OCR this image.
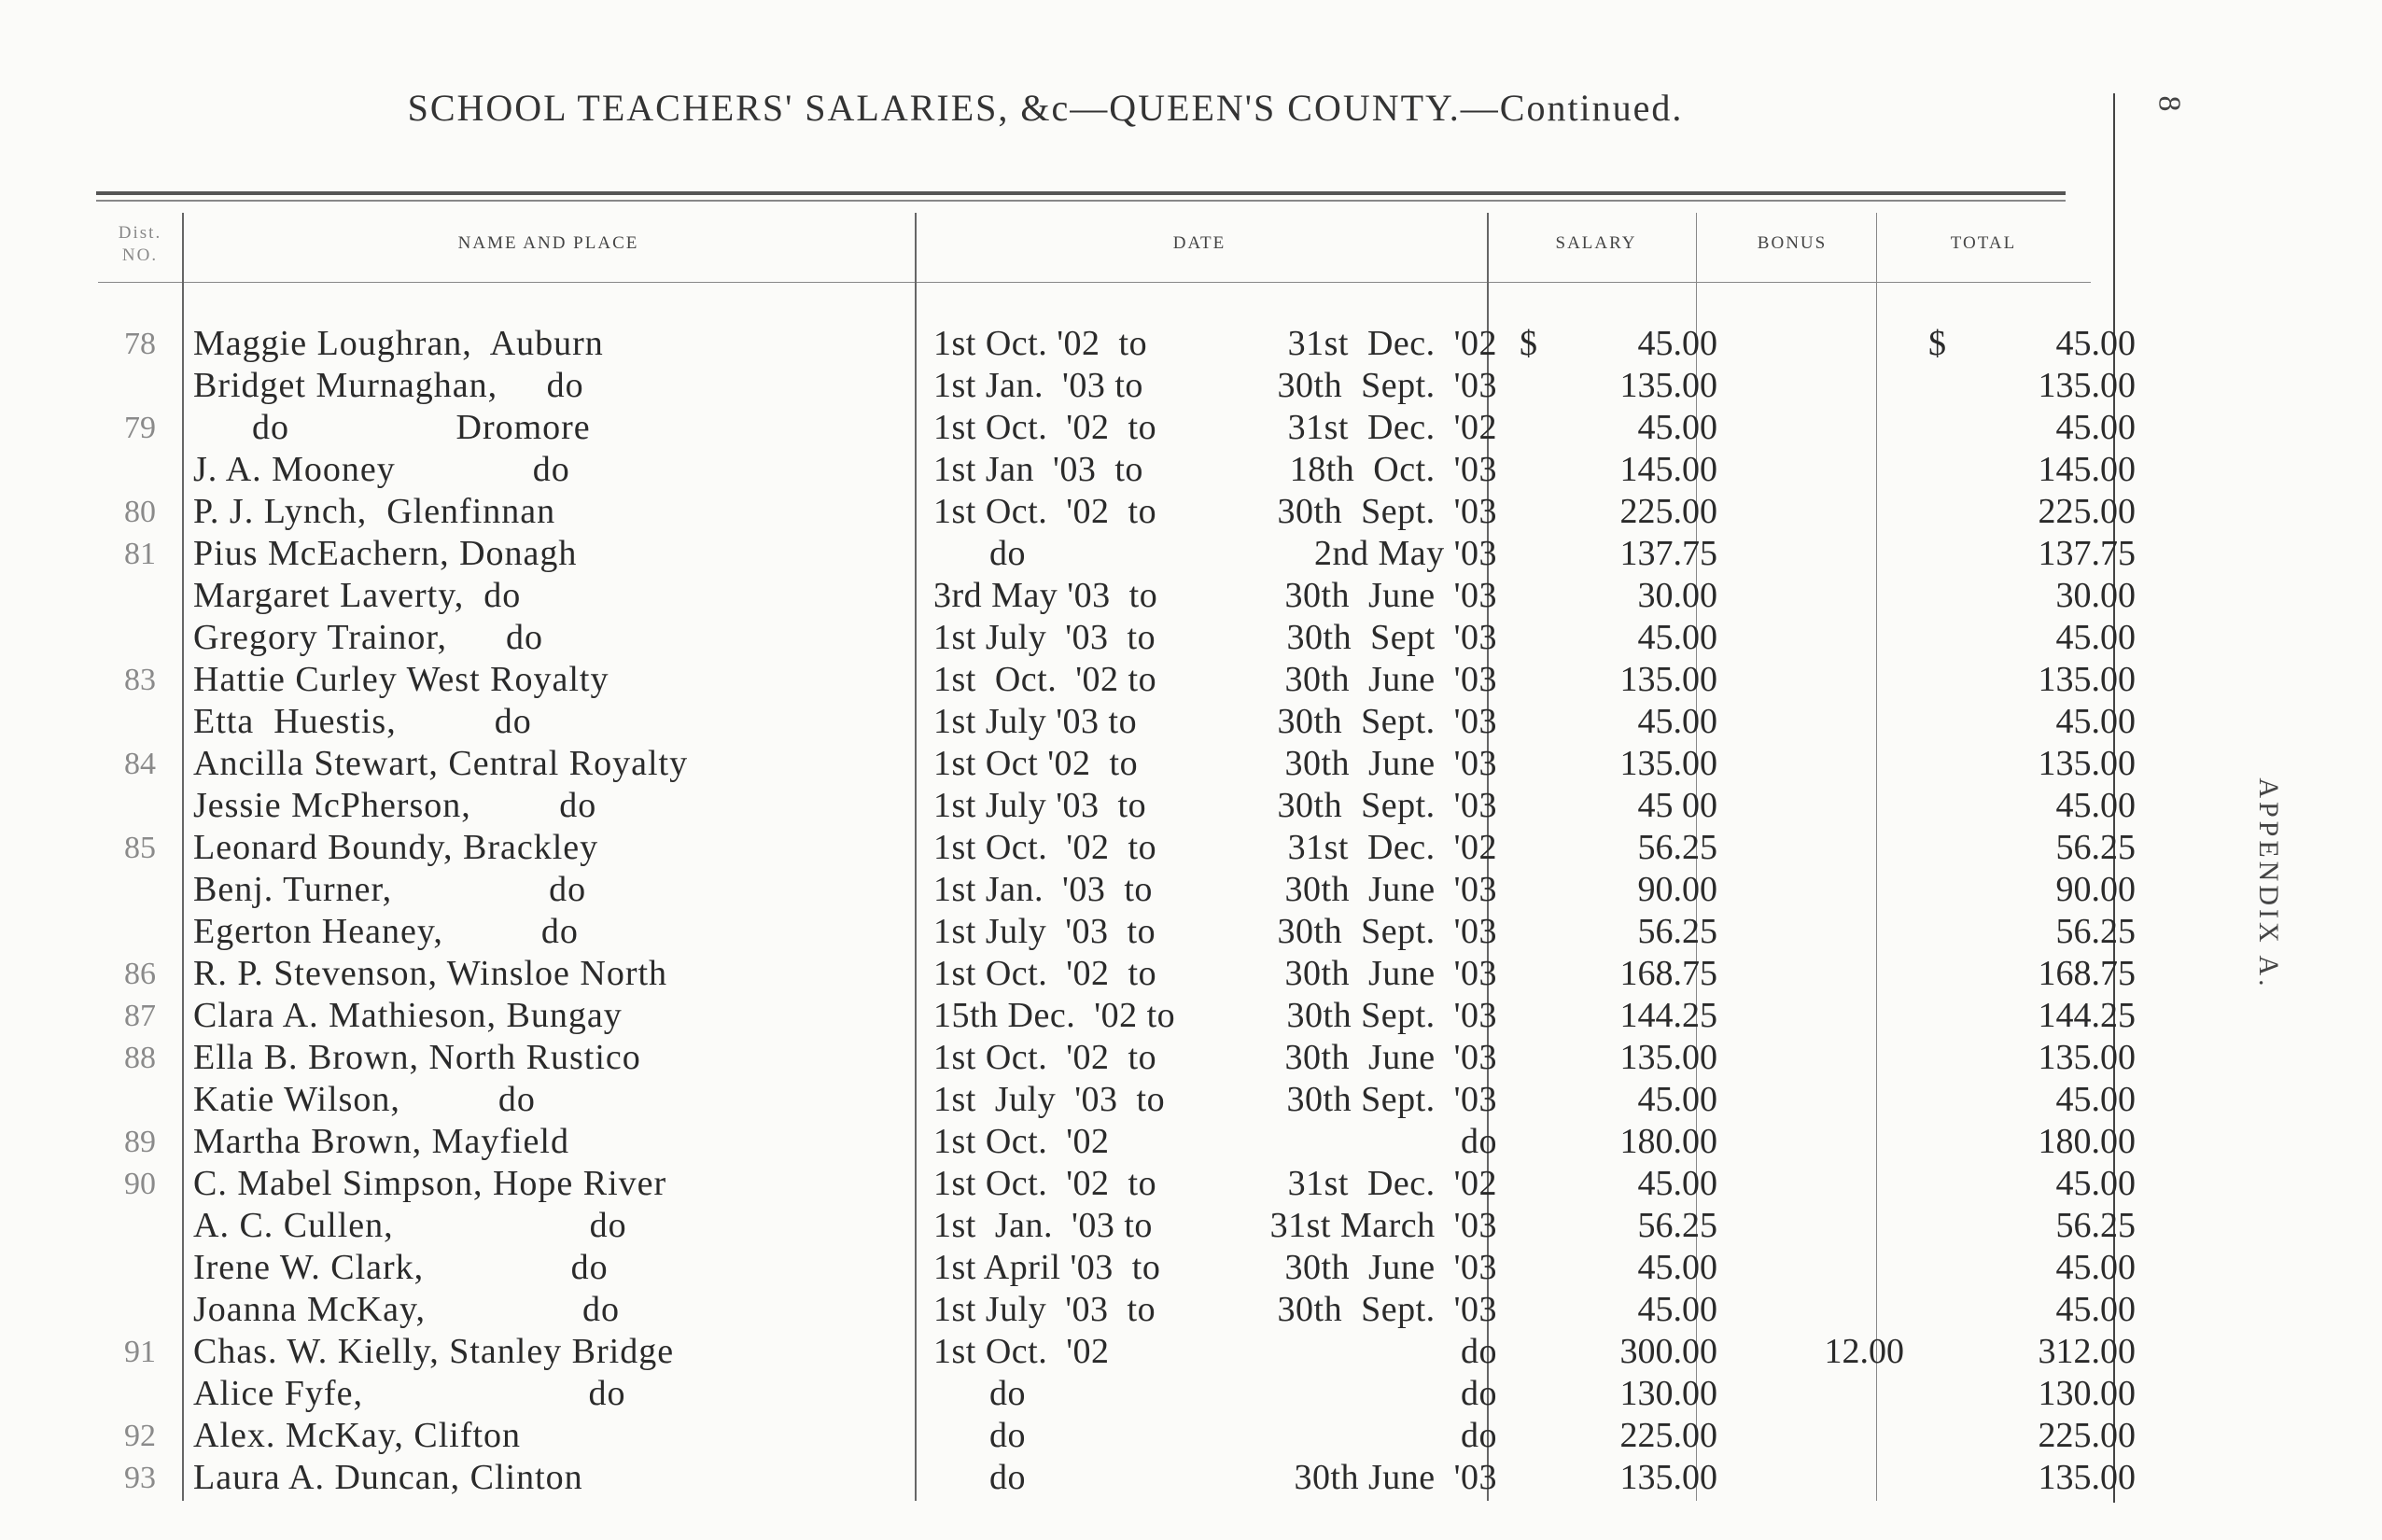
SCHOOL TEACHERS' SALARIES, &c—QUEEN'S COUNTY.—Continued.	8
APPENDIX A.
Dist. NO.
NAME AND PLACE	DATE	SALARY	BONUS	TOTAL
78	Maggie Loughran,  Auburn	1st Oct. '02  to 31st  Dec.  '02	$ 45.00		$ 45.00
	Bridget Murnaghan,     do	1st Jan.  '03 to 30th  Sept.  '03	135.00		135.00
79	do                 Dromore	1st Oct.  '02  to 31st  Dec.  '02	45.00		45.00
	J. A. Mooney              do	1st Jan  '03  to 18th  Oct.  '03	145.00		145.00
80	P. J. Lynch,  Glenfinnan	1st Oct.  '02  to 30th  Sept.  '03	225.00		225.00
81	Pius McEachern, Donagh	do 2nd May '03	137.75		137.75
	Margaret Laverty,  do	3rd May '03  to 30th  June  '03	30.00		30.00
	Gregory Trainor,      do	1st July  '03  to 30th  Sept  '03	45.00		45.00
83	Hattie Curley West Royalty	1st  Oct.  '02 to 30th  June  '03	135.00		135.00
	Etta  Huestis,          do	1st July '03 to 30th  Sept.  '03	45.00		45.00
84	Ancilla Stewart, Central Royalty	1st Oct '02  to 30th  June  '03	135.00		135.00
	Jessie McPherson,         do	1st July '03  to 30th  Sept.  '03	45 00		45.00
85	Leonard Boundy, Brackley	1st Oct.  '02  to 31st  Dec.  '02	56.25		56.25
	Benj. Turner,                do	1st Jan.  '03  to 30th  June  '03	90.00		90.00
	Egerton Heaney,          do	1st July  '03  to 30th  Sept.  '03	56.25		56.25
86	R. P. Stevenson, Winsloe North	1st Oct.  '02  to 30th  June  '03	168.75		168.75
87	Clara A. Mathieson, Bungay	15th Dec.  '02 to 30th Sept.  '03	144.25		144.25
88	Ella B. Brown, North Rustico	1st Oct.  '02  to 30th  June  '03	135.00		135.00
	Katie Wilson,          do	1st  July  '03  to 30th Sept.  '03	45.00		45.00
89	Martha Brown, Mayfield	1st Oct.  '02 do	180.00		180.00
90	C. Mabel Simpson, Hope River	1st Oct.  '02  to 31st  Dec.  '02	45.00		45.00
	A. C. Cullen,                    do	1st  Jan.  '03 to 31st March  '03	56.25		56.25
	Irene W. Clark,               do	1st April '03  to 30th  June  '03	45.00		45.00
	Joanna McKay,                do	1st July  '03  to 30th  Sept.  '03	45.00		45.00
91	Chas. W. Kielly, Stanley Bridge	1st Oct.  '02 do	300.00	12.00	312.00
	Alice Fyfe,                       do	do do	130.00		130.00
92	Alex. McKay, Clifton	do do	225.00		225.00
93	Laura A. Duncan, Clinton	do 30th June  '03	135.00		135.00
